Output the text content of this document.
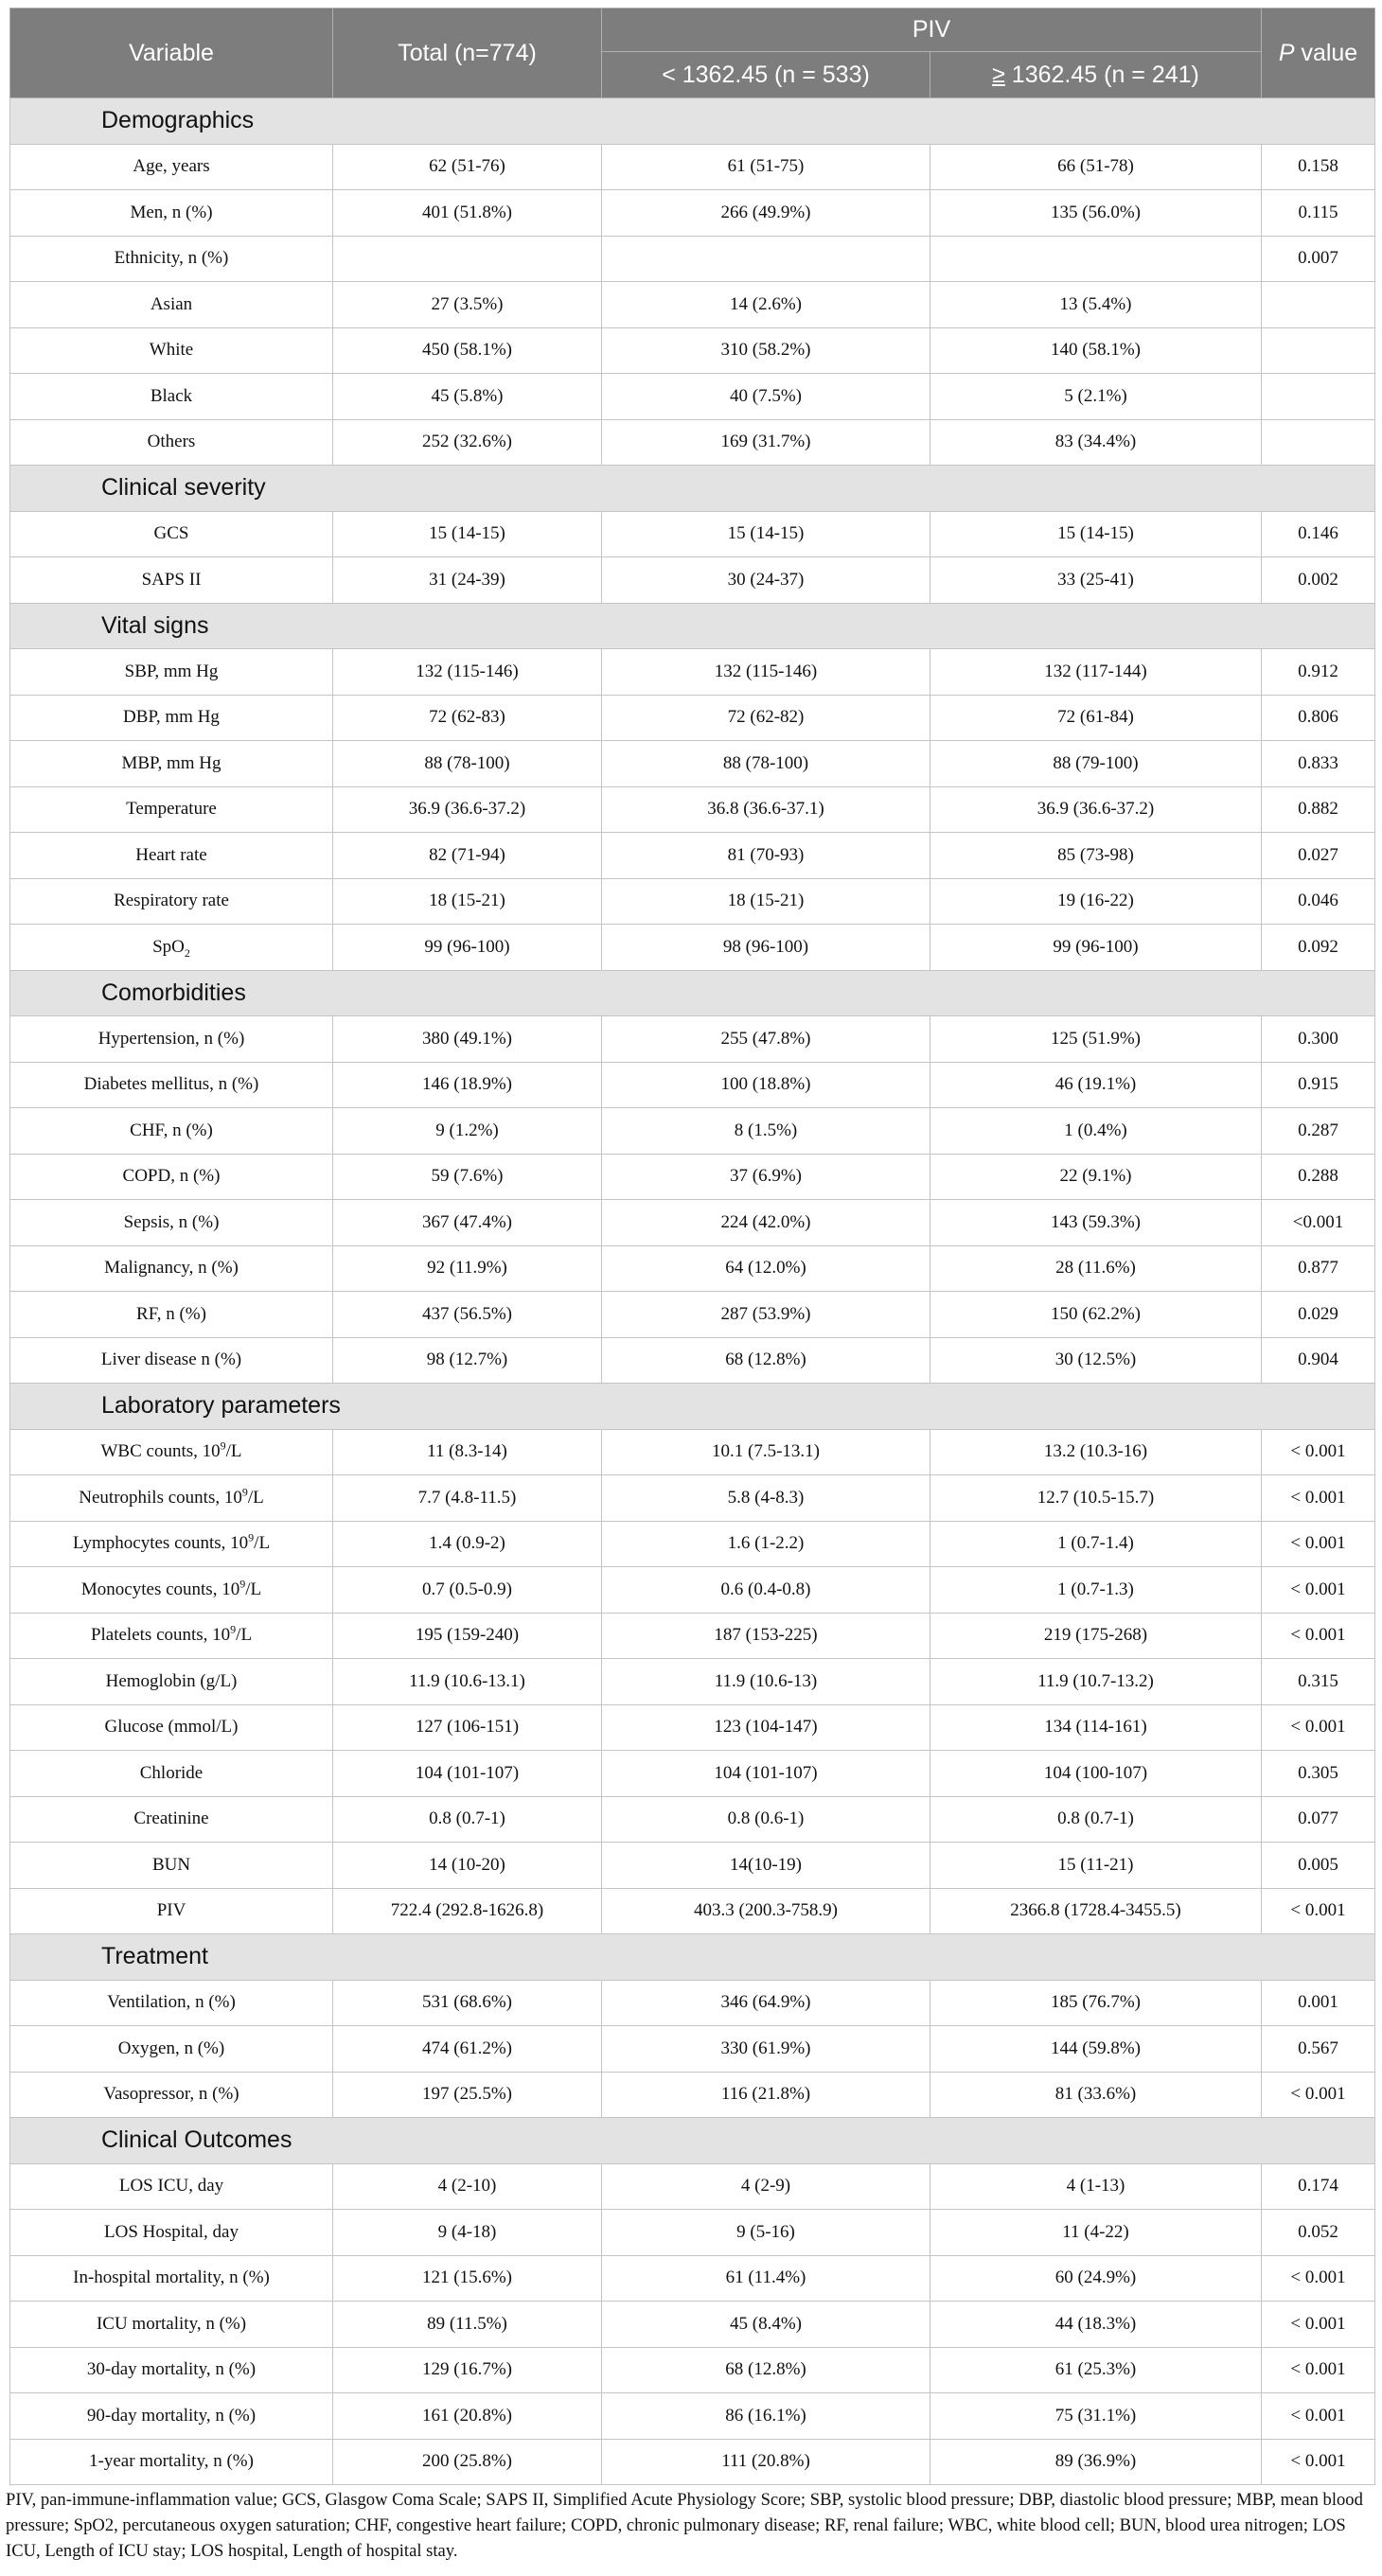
Variable	Total (n=774)	PIV		P value
		< 1362.45 (n = 533)	≥ 1362.45 (n = 241)	
Demographics				
Age, years	62 (51-76)	61 (51-75)	66 (51-78)	0.158
Men, n (%)	401 (51.8%)	266 (49.9%)	135 (56.0%)	0.115
Ethnicity, n (%)				0.007
Asian	27 (3.5%)	14 (2.6%)	13 (5.4%)	
White	450 (58.1%)	310 (58.2%)	140 (58.1%)	
Black	45 (5.8%)	40 (7.5%)	5 (2.1%)	
Others	252 (32.6%)	169 (31.7%)	83 (34.4%)	
Clinical severity				
GCS	15 (14-15)	15 (14-15)	15 (14-15)	0.146
SAPS II	31 (24-39)	30 (24-37)	33 (25-41)	0.002
Vital signs				
SBP, mm Hg	132 (115-146)	132 (115-146)	132 (117-144)	0.912
DBP, mm Hg	72 (62-83)	72 (62-82)	72 (61-84)	0.806
MBP, mm Hg	88 (78-100)	88 (78-100)	88 (79-100)	0.833
Temperature	36.9 (36.6-37.2)	36.8 (36.6-37.1)	36.9 (36.6-37.2)	0.882
Heart rate	82 (71-94)	81 (70-93)	85 (73-98)	0.027
Respiratory rate	18 (15-21)	18 (15-21)	19 (16-22)	0.046
SpO$_2$	99 (96-100)	98 (96-100)	99 (96-100)	0.092
Comorbidities				
Hypertension, n (%)	380 (49.1%)	255 (47.8%)	125 (51.9%)	0.300
Diabetes mellitus, n (%)	146 (18.9%)	100 (18.8%)	46 (19.1%)	0.915
CHF, n (%)	9 (1.2%)	8 (1.5%)	1 (0.4%)	0.287
COPD, n (%)	59 (7.6%)	37 (6.9%)	22 (9.1%)	0.288
Sepsis, n (%)	367 (47.4%)	224 (42.0%)	143 (59.3%)	<0.001
Malignancy, n (%)	92 (11.9%)	64 (12.0%)	28 (11.6%)	0.877
RF, n (%)	437 (56.5%)	287 (53.9%)	150 (62.2%)	0.029
Liver disease n (%)	98 (12.7%)	68 (12.8%)	30 (12.5%)	0.904
Laboratory parameters				
WBC counts, $10^9/L$	11 (8.3-14)	10.1 (7.5-13.1)	13.2 (10.3-16)	< 0.001
Neutrophils counts, $10^9/L$	7.7 (4.8-11.5)	5.8 (4-8.3)	12.7 (10.5-15.7)	< 0.001
Lymphocytes counts, $10^9/L$	1.4 (0.9-2)	1.6 (1-2.2)	1 (0.7-1.4)	< 0.001
Monocytes counts, $10^9/L$	0.7 (0.5-0.9)	0.6 (0.4-0.8)	1 (0.7-1.3)	< 0.001
Platelets counts, $10^9/L$	195 (159-240)	187 (153-225)	219 (175-268)	< 0.001
Hemoglobin (g/L)	11.9 (10.6-13.1)	11.9 (10.6-13)	11.9 (10.7-13.2)	0.315
Glucose (mmol/L)	127 (106-151)	123 (104-147)	134 (114-161)	< 0.001
Chloride	104 (101-107)	104 (101-107)	104 (100-107)	0.305
Creatinine	0.8 (0.7-1)	0.8 (0.6-1)	0.8 (0.7-1)	0.077
BUN	14 (10-20)	14(10-19)	15 (11-21)	0.005
PIV	722.4 (292.8-1626.8)	403.3 (200.3-758.9)	2366.8 (1728.4-3455.5)	< 0.001
Treatment				
Ventilation, n (%)	531 (68.6%)	346 (64.9%)	185 (76.7%)	0.001
Oxygen, n (%)	474 (61.2%)	330 (61.9%)	144 (59.8%)	0.567
Vasopressor, n (%)	197 (25.5%)	116 (21.8%)	81 (33.6%)	< 0.001
Clinical Outcomes				
LOS ICU, day	4 (2-10)	4 (2-9)	4 (1-13)	0.174
LOS Hospital, day	9 (4-18)	9 (5-16)	11 (4-22)	0.052
In-hospital mortality, n (%)	121 (15.6%)	61 (11.4%)	60 (24.9%)	< 0.001
ICU mortality, n (%)	89 (11.5%)	45 (8.4%)	44 (18.3%)	< 0.001
30-day mortality, n (%)	129 (16.7%)	68 (12.8%)	61 (25.3%)	< 0.001
90-day mortality, n (%)	161 (20.8%)	86 (16.1%)	75 (31.1%)	< 0.001
1-year mortality, n (%)	200 (25.8%)	111 (20.8%)	89 (36.9%)	< 0.001
PIV, pan-immune-inflammation value; GCS, Glasgow Coma Scale; SAPS II, Simplified Acute Physiology Score; SBP, systolic blood pressure; DBP, diastolic blood pressure; MBP, mean blood pressure; SpO2, percutaneous oxygen saturation; CHF, congestive heart failure; COPD, chronic pulmonary disease; RF, renal failure; WBC, white blood cell; BUN, blood urea nitrogen; LOS ICU, Length of ICU stay; LOS hospital, Length of hospital stay.
